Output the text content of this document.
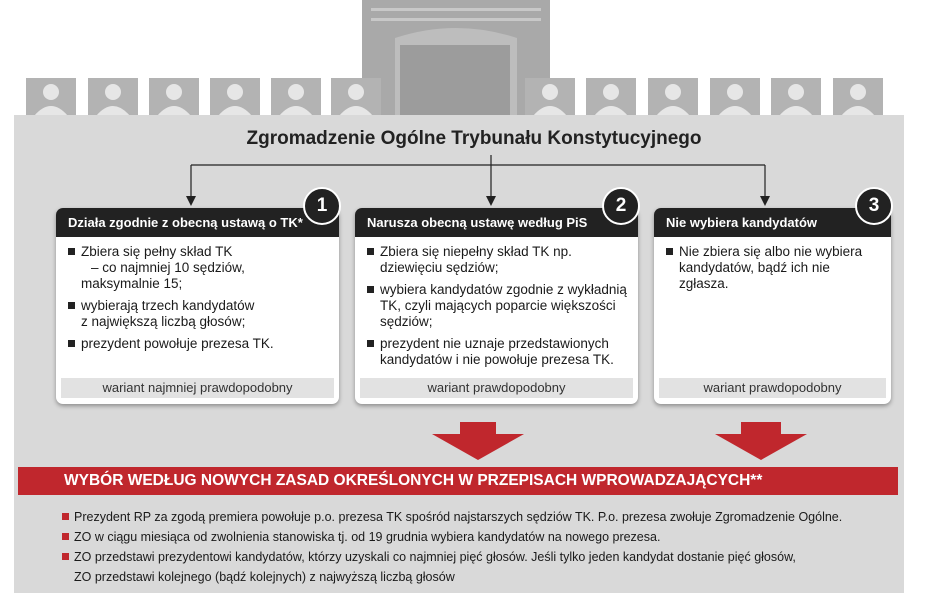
Zgromadzenie Ogólne Trybunału Konstytucyjnego
Działa zgodnie z obecną ustawą o TK*
1
Zbiera się pełny skład TK
– co najmniej 10 sędziów,
maksymalnie 15;
wybierają trzech kandydatów
z największą liczbą głosów;
prezydent powołuje prezesa TK.
wariant najmniej prawdopodobny
Narusza obecną ustawę według PiS
2
Zbiera się niepełny skład TK np.
dziewięciu sędziów;
wybiera kandydatów zgodnie z wykładnią
TK, czyli mających poparcie większości
sędziów;
prezydent nie uznaje przedstawionych
kandydatów i nie powołuje prezesa TK.
wariant prawdopodobny
Nie wybiera kandydatów
3
Nie zbiera się albo nie wybiera
kandydatów, bądź ich nie zgłasza.
wariant prawdopodobny
WYBÓR WEDŁUG NOWYCH ZASAD OKREŚLONYCH W PRZEPISACH WPROWADZAJĄCYCH**
Prezydent RP za zgodą premiera powołuje p.o. prezesa TK spośród najstarszych sędziów TK. P.o. prezesa zwołuje Zgromadzenie Ogólne.
ZO w ciągu miesiąca od zwolnienia stanowiska tj. od 19 grudnia wybiera kandydatów na nowego prezesa.
ZO przedstawi prezydentowi kandydatów, którzy uzyskali co najmniej pięć głosów. Jeśli tylko jeden kandydat dostanie pięć głosów,
ZO przedstawi kolejnego (bądź kolejnych) z najwyższą liczbą głosów
